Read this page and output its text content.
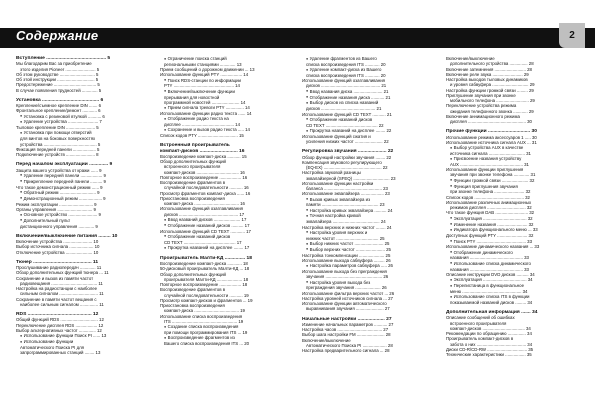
Содержание	2
Вступление ............................................ 5
Мы благодарим Вас за приобретение
этого изделия Pioneer ......................... 5
Об этом руководстве ............................. 5
Об этой инструкции ............................... 5
Предостережение ................................... 5
В случае появления трудностей ............. 5
Установка .......................................... 6
Крепление/съемное крепление DIN ....... 6
Фронтальное крепление/ремонт ............ 6
● Установка с резиновой втулкой ........... 6
● Удаление устройства ......................... 7
Тыловое крепление DIN ........................ 5
● Установка при помощи отверстий
для винтов на боковых поверхностях
устройства ............................................ 5
Фиксация передней панели ................... 5
Подключение устройств ........................ 8
Перед началом эксплуатации .............. 9
Защита вашего устройства от кражи ...... 9
● Удаление передней панели .................. 9
● Прикрепление передней панели .......... 9
Что такое демонстрационный режим ...... 9
● Обратный режим .............................. 9
● Демонстрационный режим ................... 9
Режим эксплуатации ............................ 9
Органы управления ............................. 9
● Основное устройство ........................ 9
● Дополнительный пульт
дистанционного управления ............. 9
Включение/выключение питания ......... 10
Включение устройства ........................ 10
Выбор источника сигнала .................... 10
Отключение устройства ...................... 10
Тюнер ........................................... 11
Прослушивание радиопередач ............. 11
Обзор дополнительных функций тюнера ... 11
Сохранение и вызов из памяти частот
радиовещания ...................................... 11
Настройка на радиостанции с наиболее
сильным сигналом ................................ 11
Сохранение в памяти частот вещания с
наиболее сильным сигналом ............... 11
RDS ............................................... 12
Общий функций RDS ............................... 12
Переключение дисплея RDS .................. 12
Выбор альтернативных частот .............. 12
● Использование функции Поиск PI ...... 13
● Использование функции
Автоматического Поиска PI для
запрограммированных станций ........ 13
● Ограничение поиска станций
региональными станциями ............. 13
Прием сообщений о дорожном движении ... 13
Использование функций PTY .................. 14
● Поиск RDS-станции по информации
PTY .................................................. 14
● Включение/выключение функции
прерывания для новостной
программной новостей ....................... 14
● Прием сигнала тревоги PTY ............... 14
Использование функции радио текста ...... 14
● Отображение радио текста на
дисплее ........................................... 14
● Сохранение и вызов радио текста ..... 14
Список кодов PTY ................................. 15
Встроенный проигрыватель
компакт-дисков ............................ 16
Воспроизведение компакт-диска ........... 15
Обзор дополнительных функций
встроенного проигрывателя
компакт-дисков ................................... 16
Повторное воспроизведение .................. 16
Воспроизведение фрагментов в
случайной последовательности ........... 16
Просмотр фрагментов компакт-диска ...... 16
Приостановка воспроизведения
компакт-диска ..................................... 16
Использование функций озаглавливания
дисков ................................................. 17
● Ввод названий дисков ...................... 17
● Отображение названий дисков .......... 17
Использование функций CD TEXT ............ 17
● Отображение названий дисков
CD TEXT ........................................... 17
● Прокрутка названий на дисплее ........ 17
Проигрыватель Малти-КД ............... 18
Воспроизведение компакт-диска ............ 18
50-дисковый проигрыватель Малти-КД ... 18
Обзор дополнительных функций
проигрывателя Малти-КД ..................... 18
Повторное воспроизведение .................. 18
Воспроизведение фрагментов в
случайной последовательности ........... 19
Просмотр компакт-дисков и фрагментов ... 19
Приостановка воспроизведения
компакт-диска ..................................... 19
Использование списка воспроизведения
ITS ...................................................... 19
● Создание списка воспроизведения
при помощи программирования ITS ... 19
● Воспроизведение фрагментов из
Вашего списка воспроизведения ITS ... 20
● Удаление фрагментов из Вашего
списка воспроизведения ITS ............ 20
● Удаление компакт-диска из Вашего
списка воспроизведения ITS ............ 20
Использование функций озаглавливания
дисков ................................................. 21
● Ввод названия диска ........................ 21
● Отображение названия диска ........... 21
● Выбор дисков из списка названий
дисков ............................................. 21
Использование функций CD TEXT ........... 21
● Отображение названий дисков
CD TEXT ........................................... 22
● Прокрутка названий на дисплее ........ 22
Использование функций сжатия и
усиления низких частот ....................... 22
Регулировка звучания ..................... 22
Обзор функций настройки звучания ........ 22
Компенсация звукового регулирующего
(EQ-EX) ................................................ 22
Настройка звуковой разницы
эквалайзерной (SFEQ) .............................. 23
Использование функции настройки
баланса ................................................ 23
Использование эквалайзера ................... 23
● Вызов кривых эквалайзера из
памяти ............................................... 23
● Настройка кривых эквалайзера .......... 24
● Точная настройка кривой
эквалайзера ....................................... 24
Настройка верхних и нижних частот ........ 24
● Настройка уровня верхних и
нижних частот ................................... 25
● Выбор нижних частот ........................ 25
● Выбор верхних частот ........................ 25
Настройка тонкомпенсации ..................... 25
Использование выхода сабвуфера ......... 26
● Настройка параметров сабвуфера ..... 26
Использование выхода без преграждения
звучания ............................................... 26
● Настройка уровня выхода без
преграждения звучания ..................... 26
Использование фильтра верхних частот ... 26
Настройка уровней источников сигнала ... 27
Использование функции автоматического
выравнивания звучания ....................... 27
Начальные настройки .................... 27
Изменение начальных параметров ........... 27
Настройка часов ..................................... 27
Выбор шага настройки FM ....................... 28
Включение/выключение
Автоматического Поиска PI .................... 28
Настройка предварительного сигнала ... 28
Включение/выключение
дополнительного устройства ............... 28
Включение затемнения .......................... 28
Включение реле звука ......................... 29
Настройка выходов тыловых динамиков
и уровня сабвуфера .............................. 29
Настройка функции громкой связи ......... 29
Приглушение звучания при звонке
мобильного телефона ........................... 29
Переключение устройства режима
ожидания телефонного звонка ............ 29
Включение аннимационного режима
дисплея ................................................ 30
Прочие функции ............................... 30
Использование режима аксессуаров 1 ..... 30
Использование источника сигнала AUX ... 31
● Выбор устройства AUX в качестве
источника сигнала .............................. 31
● Присвоение названия устройству
AUX .................................................... 31
Использование функции приглушения
звучания при звонке телефона ............. 31
● Функции громкой связи ...................... 32
● Функция приглушения звучания
при звонке телефона ......................... 32
Список кодов ......................................... 32
Использование различных анимационных
режимов дисплея ................................ 32
Что такое функция DAB ........................... 32
● Эксплуатация .................................... 32
● Изменение названия ......................... 32
● Индикатора функционального меню ... 33
Доступных функций PTY ......................... 32
● Поиск PTY ......................................... 33
Использование динамического названия ... 33
● Отображение динамического
названия ............................................ 33
● Использование списка динамического
названия ............................................ 33
Описание инструкции DVD дисков .......... 34
● Эксплуатация .................................... 34
● Перелистаница в функциональное
меню ................................................. 34
● Использование списка ITS в функции
показываемой названий дисков ......... 34
Дополнительная информация ....... 34
Описание сообщений об ошибках
встроенного проигрывателя
компакт-дисков ................................... 34
Рекомендации по обращению ............... 34
Проигрыватель компакт-дисков в
забота о них ......................................... 34
Диски CD-R/CD-RW ................................. 35
Технические характеристики ................. 35
